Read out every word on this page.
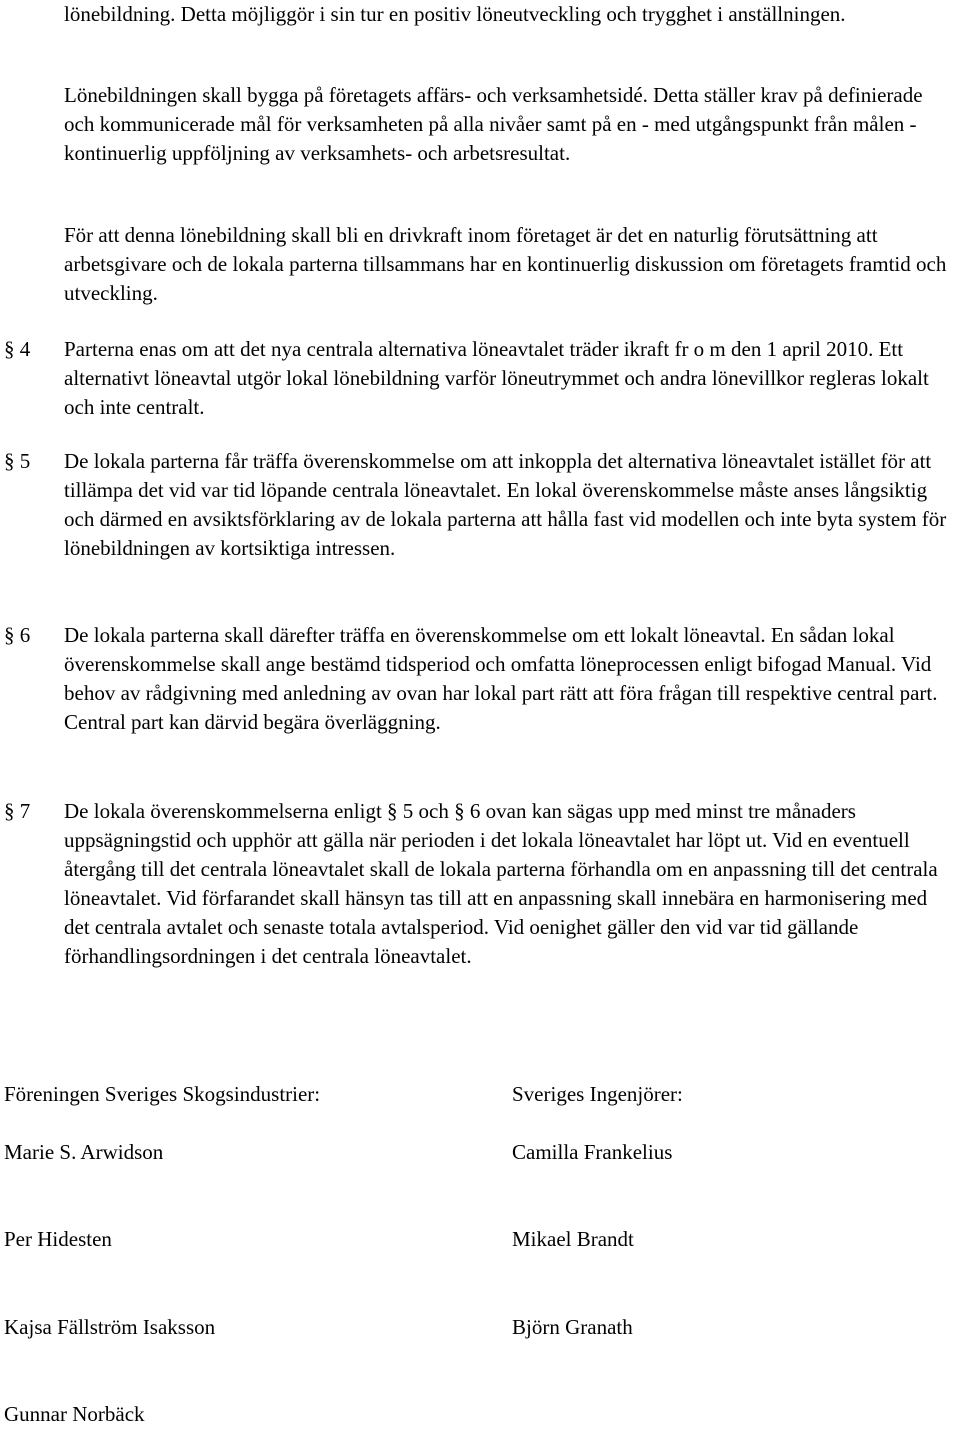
lönebildning. Detta möjliggör i sin tur en positiv löneutveckling och trygghet i anställningen.

Lönebildningen skall bygga på företagets affärs- och verksamhetsidé. Detta ställer krav på definierade och kommunicerade mål för verksamheten på alla nivåer samt på en - med utgångspunkt från målen - kontinuerlig uppföljning av verksamhets- och arbetsresultat.

För att denna lönebildning skall bli en drivkraft inom företaget är det en naturlig förutsättning att arbetsgivare och de lokala parterna tillsammans har en kontinuerlig diskussion om företagets framtid och utveckling.

§ 4	Parterna enas om att det nya centrala alternativa löneavtalet träder ikraft fr o m den 1 april 2010. Ett alternativt löneavtal utgör lokal lönebildning varför löneutrymmet och andra lönevillkor regleras lokalt och inte centralt.

§ 5	De lokala parterna får träffa överenskommelse om att inkoppla det alternativa löneavtalet istället för att tillämpa det vid var tid löpande centrala löneavtalet. En lokal överenskommelse måste anses långsiktig och därmed en avsiktsförklaring av de lokala parterna att hålla fast vid modellen och inte byta system för lönebildningen av kortsiktiga intressen.

§ 6	De lokala parterna skall därefter träffa en överenskommelse om ett lokalt löneavtal. En sådan lokal överenskommelse skall ange bestämd tidsperiod och omfatta löneprocessen enligt bifogad Manual. Vid behov av rådgivning med anledning av ovan har lokal part rätt att föra frågan till respektive central part. Central part kan därvid begära överläggning.

§ 7	De lokala överenskommelserna enligt § 5 och § 6 ovan kan sägas upp med minst tre månaders uppsägningstid och upphör att gälla när perioden i det lokala löneavtalet har löpt ut. Vid en eventuell återgång till det centrala löneavtalet skall de lokala parterna förhandla om en anpassning till det centrala löneavtalet. Vid förfarandet skall hänsyn tas till att en anpassning skall innebära en harmonisering med det centrala avtalet och senaste totala avtalsperiod. Vid oenighet gäller den vid var tid gällande förhandlingsordningen i det centrala löneavtalet.

Föreningen Sveriges Skogsindustrier:	Sveriges Ingenjörer:

Marie S. Arwidson	Camilla Frankelius

Per Hidesten	Mikael Brandt

Kajsa Fällström Isaksson	Björn Granath

Gunnar Norbäck
